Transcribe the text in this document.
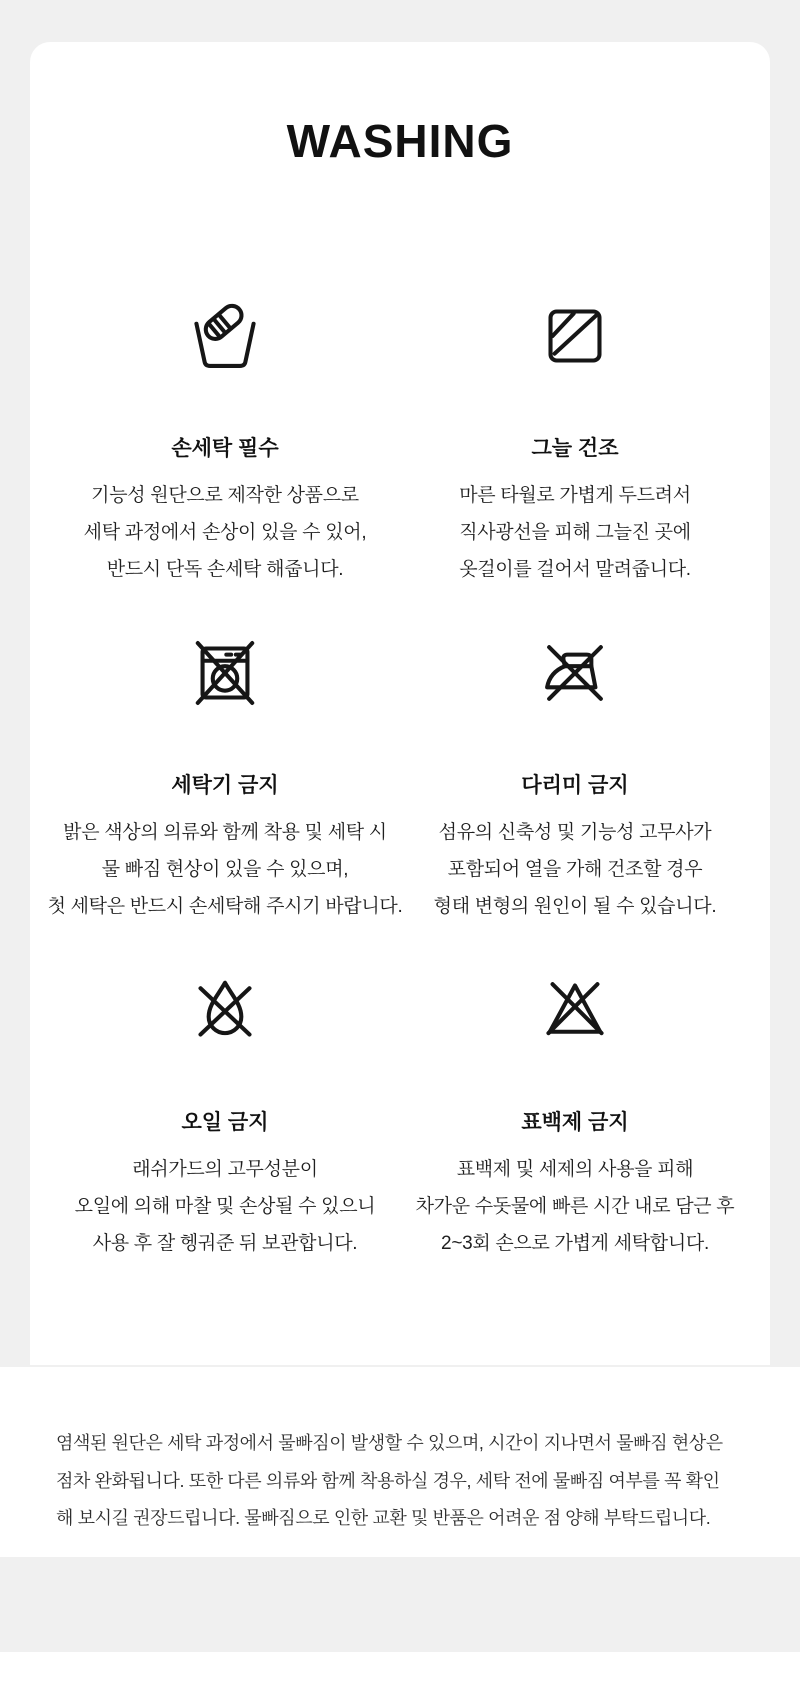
WASHING
손세탁 필수

기능성 원단으로 제작한 상품으로

세탁 과정에서 손상이 있을 수 있어,

반드시 단독 손세탁 해줍니다.

그늘 건조

마른 타월로 가볍게 두드려서

직사광선을 피해 그늘진 곳에

옷걸이를 걸어서 말려줍니다.

세탁기 금지

밝은 색상의 의류와 함께 착용 및 세탁 시

물 빠짐 현상이 있을 수 있으며,

첫 세탁은 반드시 손세탁해 주시기 바랍니다.

다리미 금지

섬유의 신축성 및 기능성 고무사가

포함되어 열을 가해 건조할 경우

형태 변형의 원인이 될 수 있습니다.

오일 금지

래쉬가드의 고무성분이

오일에 의해 마찰 및 손상될 수 있으니

사용 후 잘 헹궈준 뒤 보관합니다.

표백제 금지

표백제 및 세제의 사용을 피해

차가운 수돗물에 빠른 시간 내로 담근 후

2~3회 손으로 가볍게 세탁합니다.

염색된 원단은 세탁 과정에서 물빠짐이 발생할 수 있으며, 시간이 지나면서 물빠짐 현상은

점차 완화됩니다. 또한 다른 의류와 함께 착용하실 경우, 세탁 전에 물빠짐 여부를 꼭 확인

해 보시길 권장드립니다. 물빠짐으로 인한 교환 및 반품은 어려운 점 양해 부탁드립니다.
